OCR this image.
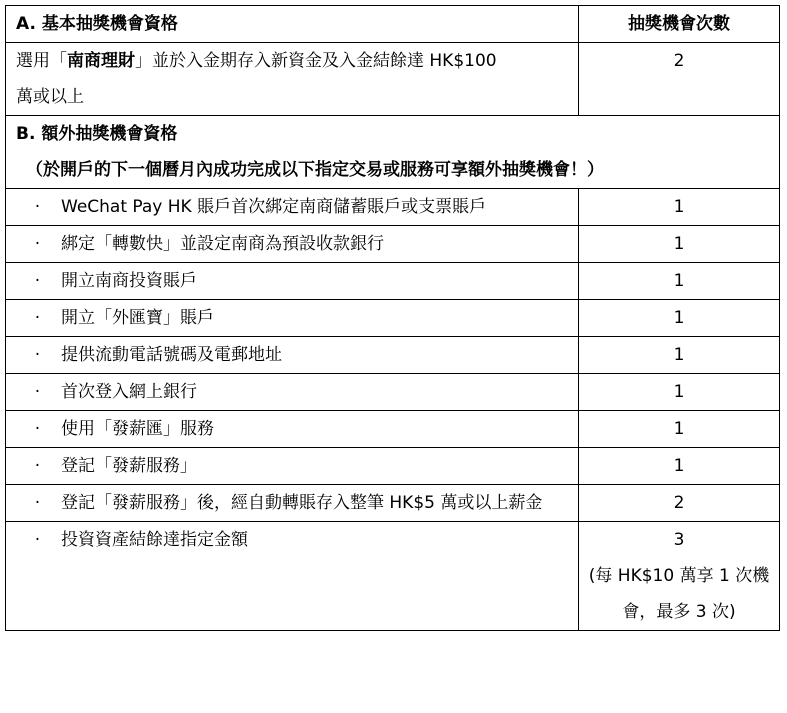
A. 基本抽獎機會資格	抽獎機會次數
選用「南商理財」並於入金期存入新資金及入金結餘達 HK$100 萬或以上	2
B. 額外抽獎機會資格
（於開戶的下一個曆月內成功完成以下指定交易或服務可享額外抽獎機會！）	

· WeChat Pay HK 賬戶首次綁定南商儲蓄賬戶或支票賬戶	1

· 綁定「轉數快」並設定南商為預設收款銀行	1

· 開立南商投資賬戶	1

· 開立「外匯寶」賬戶	1

· 提供流動電話號碼及電郵地址	1

· 首次登入網上銀行	1

· 使用「發薪匯」服務	1

· 登記「發薪服務」	1

· 登記「發薪服務」後，經自動轉賬存入整筆 HK$5 萬或以上薪金	2

· 投資資產結餘達指定金額	3
(每 HK$10 萬享 1 次機會，最多 3 次)
